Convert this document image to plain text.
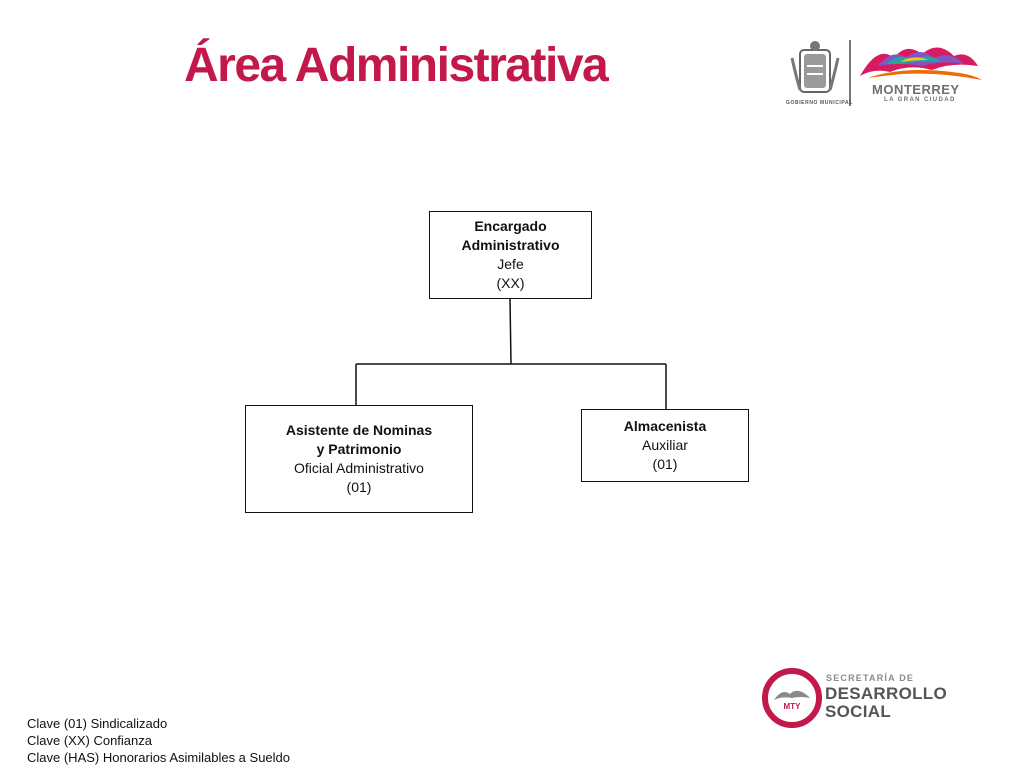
Área Administrativa
GOBIERNO MUNICIPAL
MONTERREY
LA GRAN CIUDAD
Encargado
Administrativo
Jefe
(XX)
Asistente de Nominas
y Patrimonio
Oficial Administrativo
(01)
Almacenista
Auxiliar
(01)
Clave (01) Sindicalizado
Clave (XX) Confianza
Clave (HAS) Honorarios Asimilables a Sueldo
MTY
SECRETARÍA DE
DESARROLLO
SOCIAL
